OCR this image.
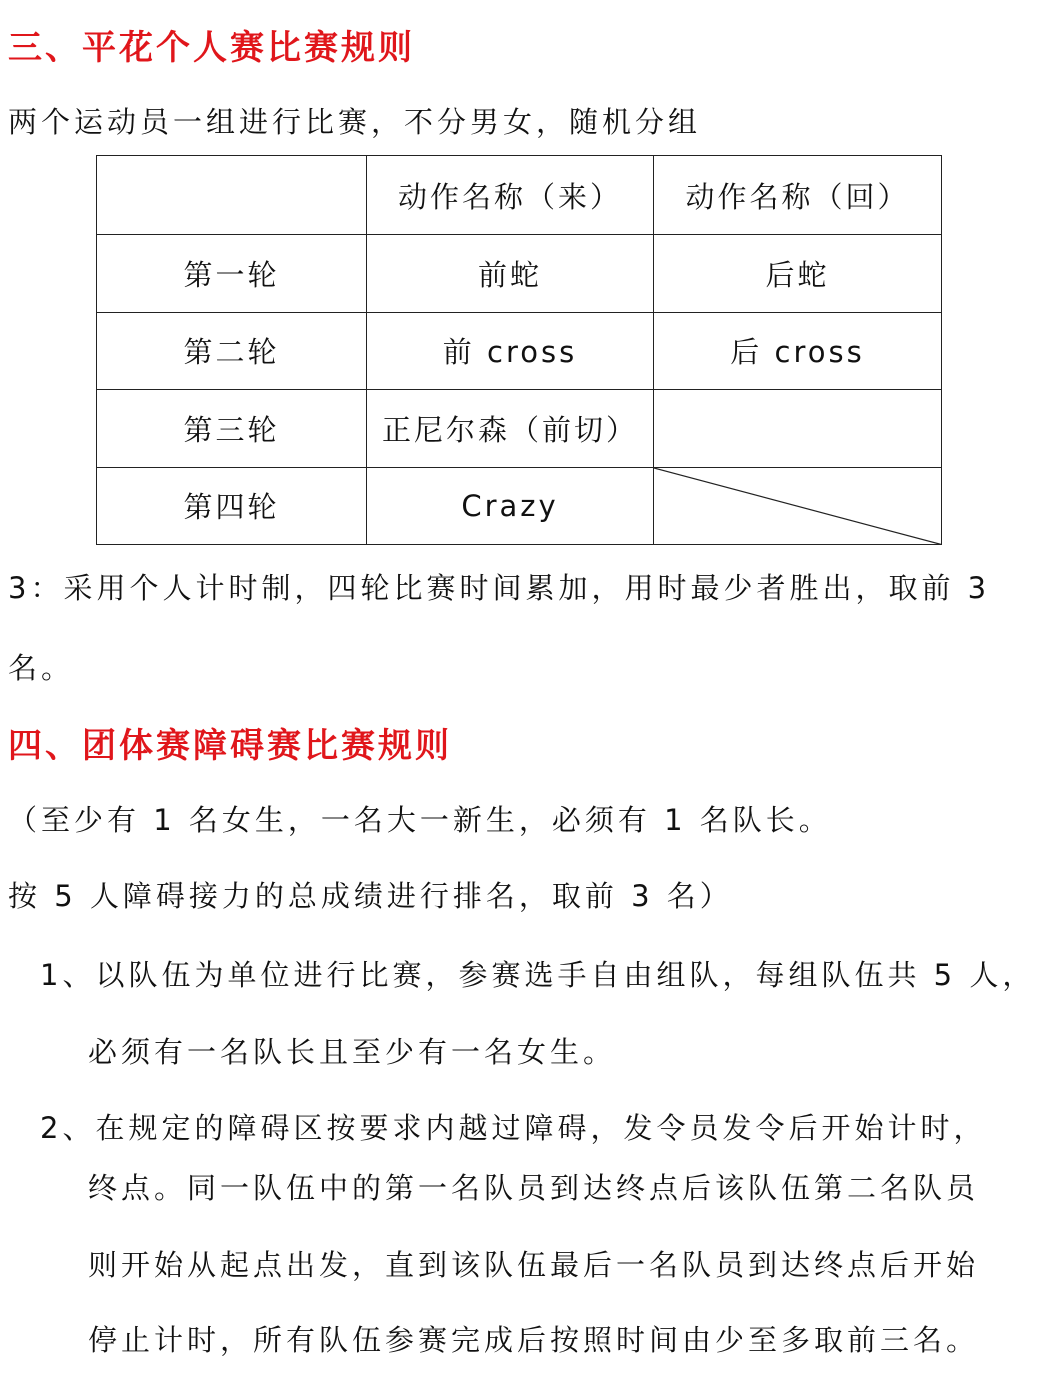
三、平花个人赛比赛规则
两个运动员一组进行比赛，不分男女，随机分组
	动作名称（来）	动作名称（回）
第一轮	前蛇	后蛇
第二轮	前 cross	后 cross
第三轮	正尼尔森（前切）	
第四轮	Crazy	
3：采用个人计时制，四轮比赛时间累加，用时最少者胜出，取前 3
名。
四、团体赛障碍赛比赛规则
（至少有 1 名女生，一名大一新生，必须有 1 名队长。
按 5 人障碍接力的总成绩进行排名，取前 3 名）
1、以队伍为单位进行比赛，参赛选手自由组队，每组队伍共 5 人，
必须有一名队长且至少有一名女生。
2、在规定的障碍区按要求内越过障碍，发令员发令后开始计时，
终点。同一队伍中的第一名队员到达终点后该队伍第二名队员
则开始从起点出发，直到该队伍最后一名队员到达终点后开始
停止计时，所有队伍参赛完成后按照时间由少至多取前三名。
